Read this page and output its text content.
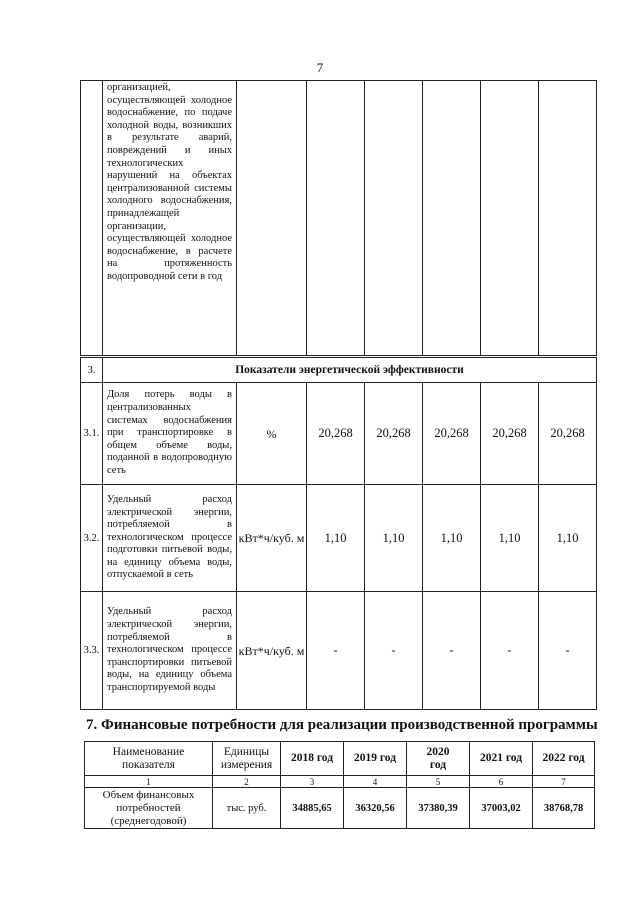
7
	организацией, осуществляющей холодное водоснабжение, по подаче холодной воды, возникших в результате аварий, повреждений и иных технологических нарушений на объектах централизованной системы холодного водоснабжения, принадлежащей организации, осуществляющей холодное водоснабжение, в расчете на протяженность водопроводной сети в год						
3.	Показатели энергетической эффективности						
3.1.	Доля потерь воды в централизованных системах водоснабжения при транспортировке в общем объеме воды, поданной в водопроводную сеть	%	20,268	20,268	20,268	20,268	20,268
3.2.	Удельный расход электрической энергии, потребляемой в технологическом процессе подготовки питьевой воды, на единицу объема воды, отпускаемой в сеть	кВт*ч/куб. м	1,10	1,10	1,10	1,10	1,10
3.3.	Удельный расход электрической энергии, потребляемой в технологическом процессе транспортировки питьевой воды, на единицу объема транспортируемой воды	кВт*ч/куб. м	-	-	-	-	-
7. Финансовые потребности для реализации производственной программы
Наименование показателя	Единицы измерения	2018 год	2019 год	2020 год	2021 год	2022 год
1	2	3	4	5	6	7
Объем финансовых потребностей (среднегодовой)	тыс. руб.	34885,65	36320,56	37380,39	37003,02	38768,78
